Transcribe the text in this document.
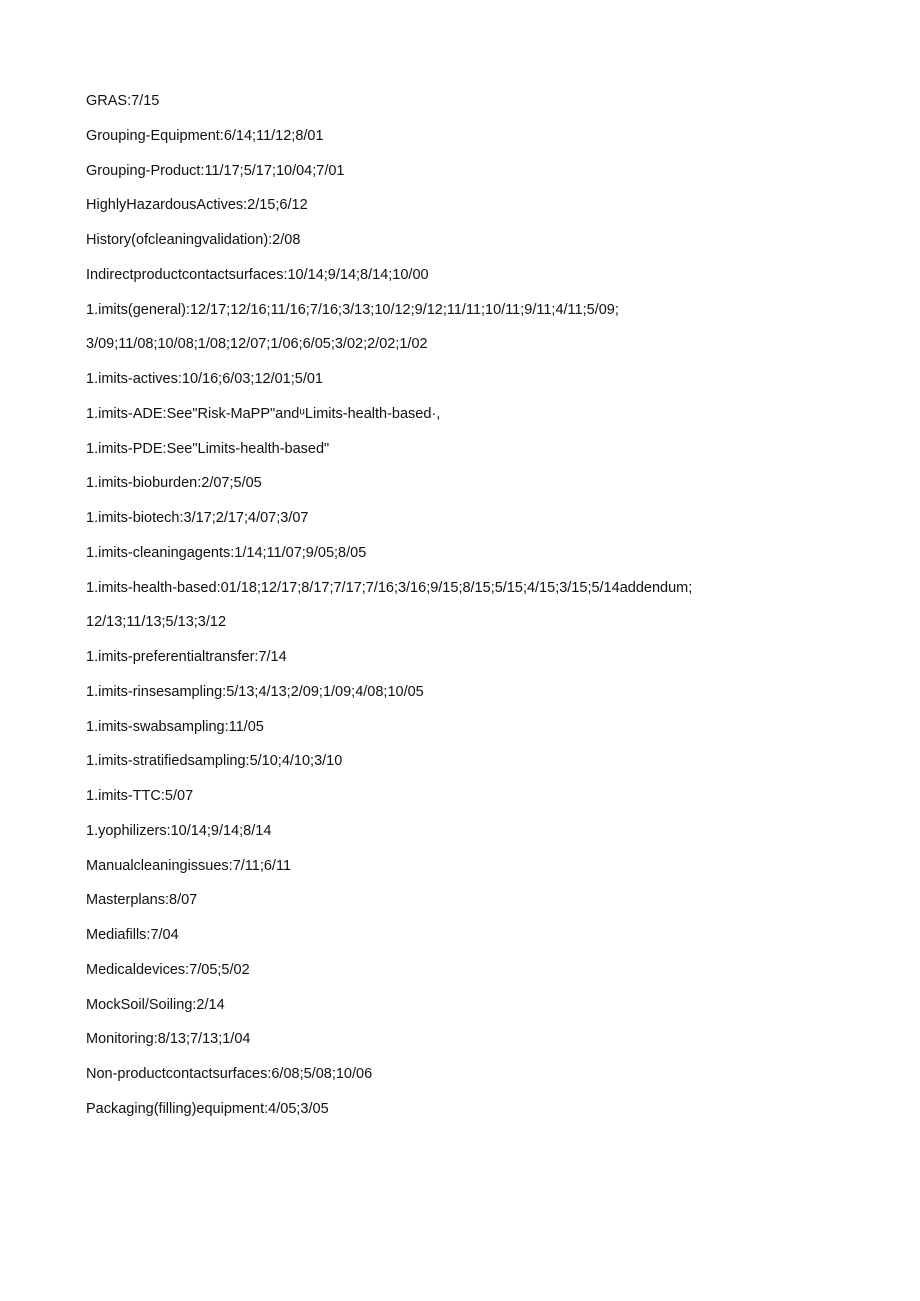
GRAS:7/15
Grouping-Equipment:6/14;11/12;8/01
Grouping-Product:11/17;5/17;10/04;7/01
HighlyHazardousActives:2/15;6/12
History(ofcleaningvalidation):2/08
Indirectproductcontactsurfaces:10/14;9/14;8/14;10/00
1.imits(general):12/17;12/16;11/16;7/16;3/13;10/12;9/12;11/11;10/11;9/11;4/11;5/09;
3/09;11/08;10/08;1/08;12/07;1/06;6/05;3/02;2/02;1/02
1.imits-actives:10/16;6/03;12/01;5/01
1.imits-ADE:See"Risk-MaPP"andᵘLimits-health-based·,
1.imits-PDE:See"Limits-health-based"
1.imits-bioburden:2/07;5/05
1.imits-biotech:3/17;2/17;4/07;3/07
1.imits-cleaningagents:1/14;11/07;9/05;8/05
1.imits-health-based:01/18;12/17;8/17;7/17;7/16;3/16;9/15;8/15;5/15;4/15;3/15;5/14addendum;
12/13;11/13;5/13;3/12
1.imits-preferentialtransfer:7/14
1.imits-rinsesampling:5/13;4/13;2/09;1/09;4/08;10/05
1.imits-swabsampling:11/05
1.imits-stratifiedsampling:5/10;4/10;3/10
1.imits-TTC:5/07
1.yophilizers:10/14;9/14;8/14
Manualcleaningissues:7/11;6/11
Masterplans:8/07
Mediafills:7/04
Medicaldevices:7/05;5/02
MockSoil/Soiling:2/14
Monitoring:8/13;7/13;1/04
Non-productcontactsurfaces:6/08;5/08;10/06
Packaging(filling)equipment:4/05;3/05
